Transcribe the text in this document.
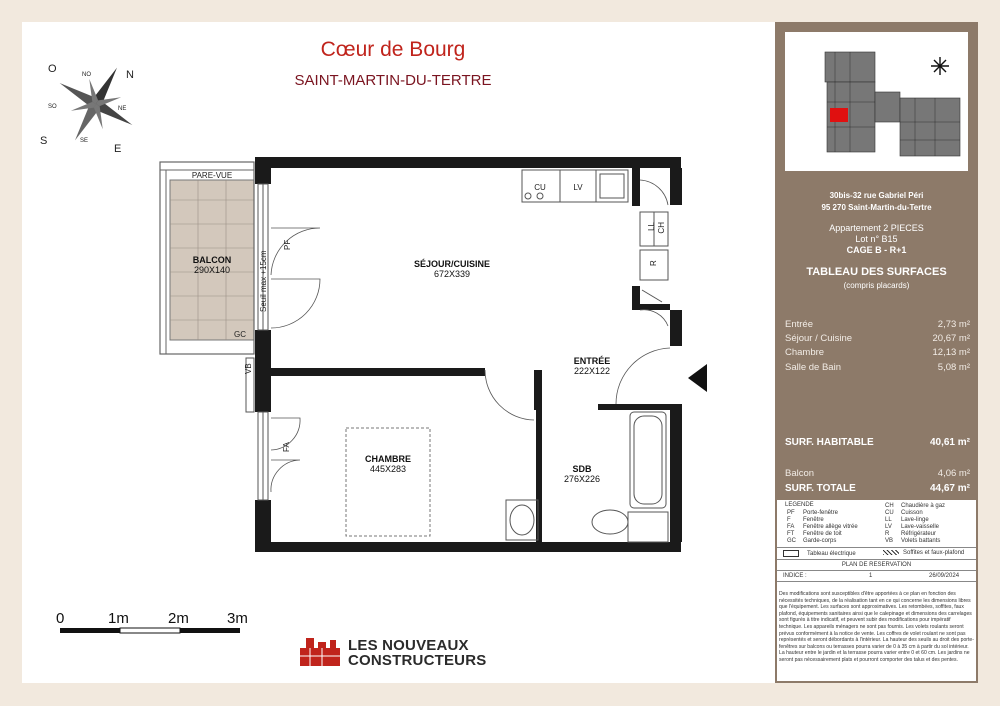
Cœur de Bourg
SAINT-MARTIN-DU-TERTRE
N
NO
O
SO
S	SE
E
NE
BALCON
290X140
SÉJOUR/CUISINE
672X339
ENTRÉE
222X122
CHAMBRE
445X283	SDB
276X226
PARE-VUE
GC
VB
PF
FA
Seuil max +15cm
CU	LV
LL CH
R
0	1m	2m	3m
LES NOUVEAUX
CONSTRUCTEURS
30bis-32 rue Gabriel Péri
95 270 Saint-Martin-du-Tertre
Appartement 2 PIECES
Lot n° B15
CAGE B - R+1
TABLEAU DES SURFACES
(compris placards)
Entrée	2,73 m²
Séjour / Cuisine	20,67 m²
Chambre	12,13 m²
Salle de Bain	5,08 m²
SURF. HABITABLE	40,61 m²
Balcon	4,06 m²
SURF. TOTALE	44,67 m²
LEGENDE
PF Porte-fenêtre
F Fenêtre
FA Fenêtre allège vitrée
FT Fenêtre de toit
GC Garde-corps
CH Chaudière à gaz
CU Cuisson
LL Lave-linge
LV Lave-vaisselle
R Réfrigérateur
VB Volets battants
Tableau électrique	Soffites et faux-plafond
PLAN DE RESERVATION
INDICE :	1	26/09/2024
Des modifications sont susceptibles d'être apportées à ce plan en fonction des nécessités techniques, de la réalisation tant en ce qui concerne les dimensions libres que l'équipement. Les surfaces sont approximatives. Les retombées, soffites, faux plafond, équipements sanitaires ainsi que le calepinage et dimensions des carrelages sont figurés à titre indicatif, et peuvent subir des modifications pour impératif technique. Les appareils ménagers ne sont pas fournis. Les volets roulants seront prévus conformément à la notice de vente. Les coffres de volet roulant ne sont pas représentés et seront débordants à l'intérieur. La hauteur des seuils au droit des porte-fenêtres sur balcons ou terrasses pourra varier de 0 à 35 cm à partir du sol intérieur. La hauteur entre le jardin et la terrasse pourra varier entre 0 et 60 cm. Les jardins ne seront pas nécessairement plats et pourront comporter des talus et des pentes.
